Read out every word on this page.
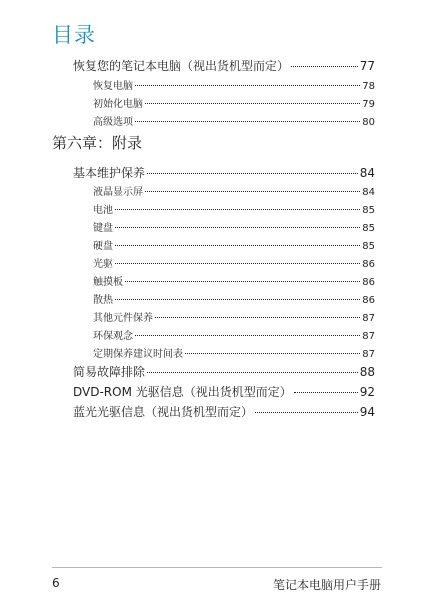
目录
恢复您的笔记本电脑（视出货机型而定）	77
恢复电脑	78
初始化电脑	79
高级选项	80
第六章：附录
基本维护保养	84
液晶显示屏	84
电池	85
键盘	85
硬盘	85
光驱	86
触摸板	86
散热	86
其他元件保养	87
环保观念	87
定期保养建议时间表	87
简易故障排除	88
DVD-ROM 光驱信息（视出货机型而定）	92
蓝光光驱信息（视出货机型而定）	94
6	笔记本电脑用户手册
